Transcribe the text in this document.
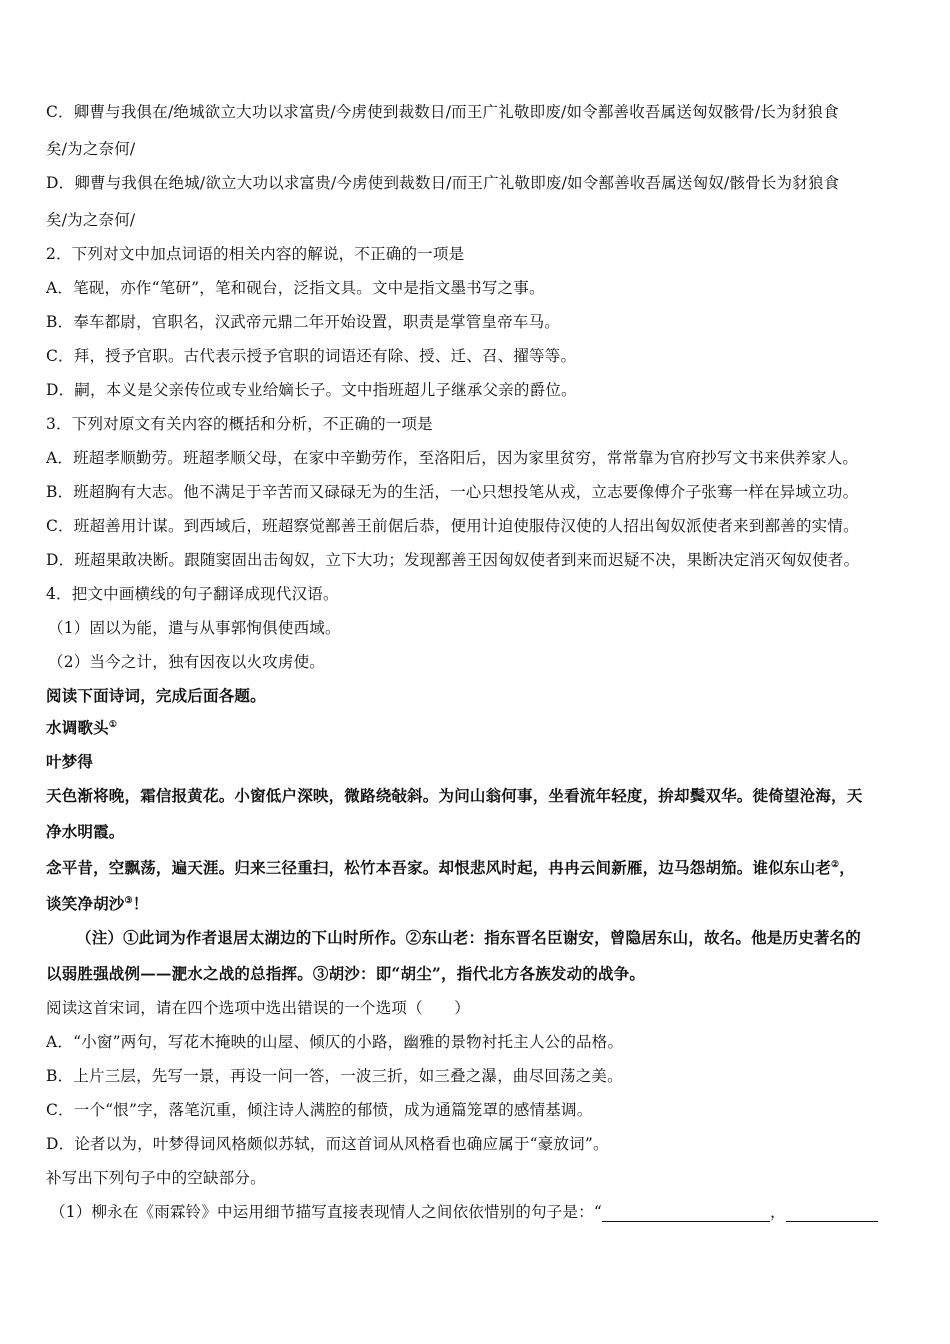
C．卿曹与我俱在/绝城欲立大功以求富贵/今虏使到裁数日/而王广礼敬即废/如令鄯善收吾属送匈奴骸骨/长为豺狼食
矣/为之奈何/
D．卿曹与我俱在绝城/欲立大功以求富贵/今虏使到裁数日/而王广礼敬即废/如令鄯善收吾属送匈奴/骸骨长为豺狼食
矣/为之奈何/
2．下列对文中加点词语的相关内容的解说，不正确的一项是
A．笔砚，亦作“笔研”，笔和砚台，泛指文具。文中是指文墨书写之事。
B．奉车都尉，官职名，汉武帝元鼎二年开始设置，职责是掌管皇帝车马。
C．拜，授予官职。古代表示授予官职的词语还有除、授、迁、召、擢等等。
D．嗣，本义是父亲传位或专业给嫡长子。文中指班超儿子继承父亲的爵位。
3．下列对原文有关内容的概括和分析，不正确的一项是
A．班超孝顺勤劳。班超孝顺父母，在家中辛勤劳作，至洛阳后，因为家里贫穷，常常靠为官府抄写文书来供养家人。
B．班超胸有大志。他不满足于辛苦而又碌碌无为的生活，一心只想投笔从戎，立志要像傅介子张骞一样在异域立功。
C．班超善用计谋。到西域后，班超察觉鄯善王前倨后恭，便用计迫使服侍汉使的人招出匈奴派使者来到鄯善的实情。
D．班超果敢决断。跟随窦固出击匈奴，立下大功；发现鄯善王因匈奴使者到来而迟疑不决，果断决定消灭匈奴使者。
4．把文中画横线的句子翻译成现代汉语。
（1）固以为能，遣与从事郭恂俱使西域。
（2）当今之计，独有因夜以火攻虏使。
阅读下面诗词，完成后面各题。
水调歌头①
叶梦得
天色渐将晚，霜信报黄花。小窗低户深映，微路绕敧斜。为问山翁何事，坐看流年轻度，拚却鬓双华。徙倚望沧海，天
净水明霞。
念平昔，空飘荡，遍天涯。归来三径重扫，松竹本吾家。却恨悲风时起，冉冉云间新雁，边马怨胡笳。谁似东山老②，
谈笑净胡沙③！
（注）①此词为作者退居太湖边的下山时所作。②东山老：指东晋名臣谢安，曾隐居东山，故名。他是历史著名的
以弱胜强战例——淝水之战的总指挥。③胡沙：即“胡尘”，指代北方各族发动的战争。
阅读这首宋词，请在四个选项中选出错误的一个选项（　　）
A．“小窗”两句，写花木掩映的山屋、倾仄的小路，幽雅的景物衬托主人公的品格。
B．上片三层，先写一景，再设一问一答，一波三折，如三叠之瀑，曲尽回荡之美。
C．一个“恨”字，落笔沉重，倾注诗人满腔的郁愤，成为通篇笼罩的感情基调。
D．论者以为，叶梦得词风格颇似苏轼，而这首词从风格看也确应属于“豪放词”。
补写出下列句子中的空缺部分。
（1）柳永在《雨霖铃》中运用细节描写直接表现情人之间依依惜别的句子是：“	，
